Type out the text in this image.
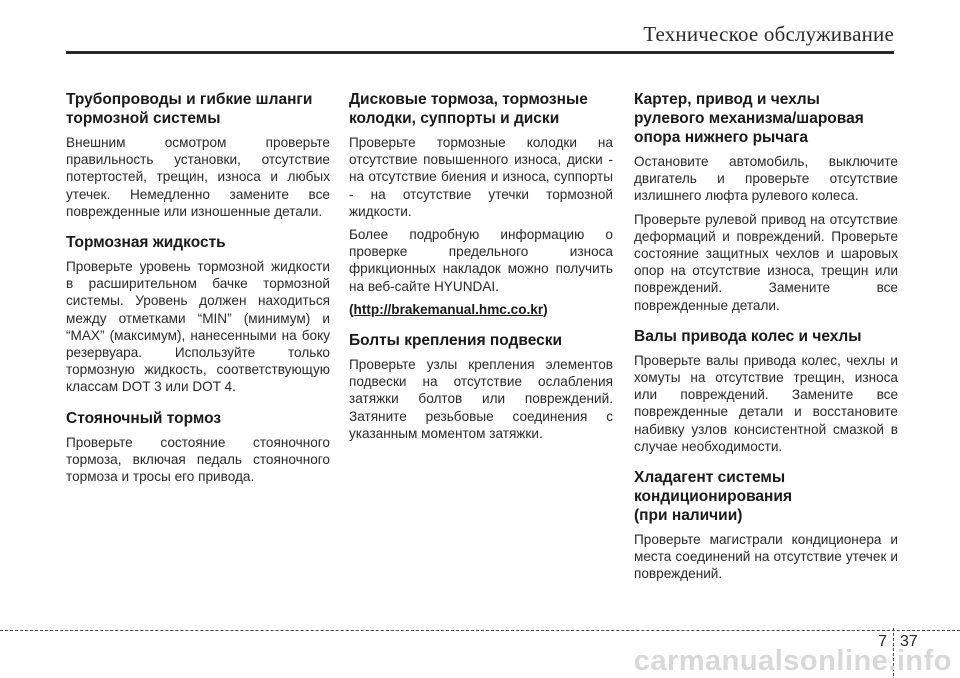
Техническое обслуживание
Трубопроводы и гибкие шланги
тормозной системы
Внешним осмотром проверьте правильность установки, отсутствие потертостей, трещин, износа и любых утечек. Немедленно замените все поврежденные или изношенные детали.
Тормозная жидкость
Проверьте уровень тормозной жидкости в расширительном бачке тормозной системы. Уровень должен находиться между отметками “MIN” (минимум) и “MAX” (максимум), нанесенными на боку резервуара. Используйте только тормозную жидкость, соответствующую классам DOT 3 или DOT 4.
Стояночный тормоз
Проверьте состояние стояночного тормоза, включая педаль стояночного тормоза и тросы его привода.
Дисковые тормоза, тормозные
колодки, суппорты и диски
Проверьте тормозные колодки на отсутствие повышенного износа, диски - на отсутствие биения и износа, суппорты - на отсутствие утечки тормозной жидкости.
Более подробную информацию о проверке предельного износа фрикционных накладок можно получить на веб-сайте HYUNDAI.
(http://brakemanual.hmc.co.kr)
Болты крепления подвески
Проверьте узлы крепления элементов подвески на отсутствие ослабления затяжки болтов или повреждений. Затяните резьбовые соединения с указанным моментом затяжки.
Картер, привод и чехлы
рулевого механизма/шаровая
опора нижнего рычага
Остановите автомобиль, выключите двигатель и проверьте отсутствие излишнего люфта рулевого колеса.
Проверьте рулевой привод на отсутствие деформаций и повреждений. Проверьте состояние защитных чехлов и шаровых опор на отсутствие износа, трещин или повреждений. Замените все поврежденные детали.
Валы привода колес и чехлы
Проверьте валы привода колес, чехлы и хомуты на отсутствие трещин, износа или повреждений. Замените все поврежденные детали и восстановите набивку узлов консистентной смазкой в случае необходимости.
Хладагент системы
кондиционирования
(при наличии)
Проверьте магистрали кондиционера и места соединений на отсутствие утечек и повреждений.
7 37
carmanualsonline.info
